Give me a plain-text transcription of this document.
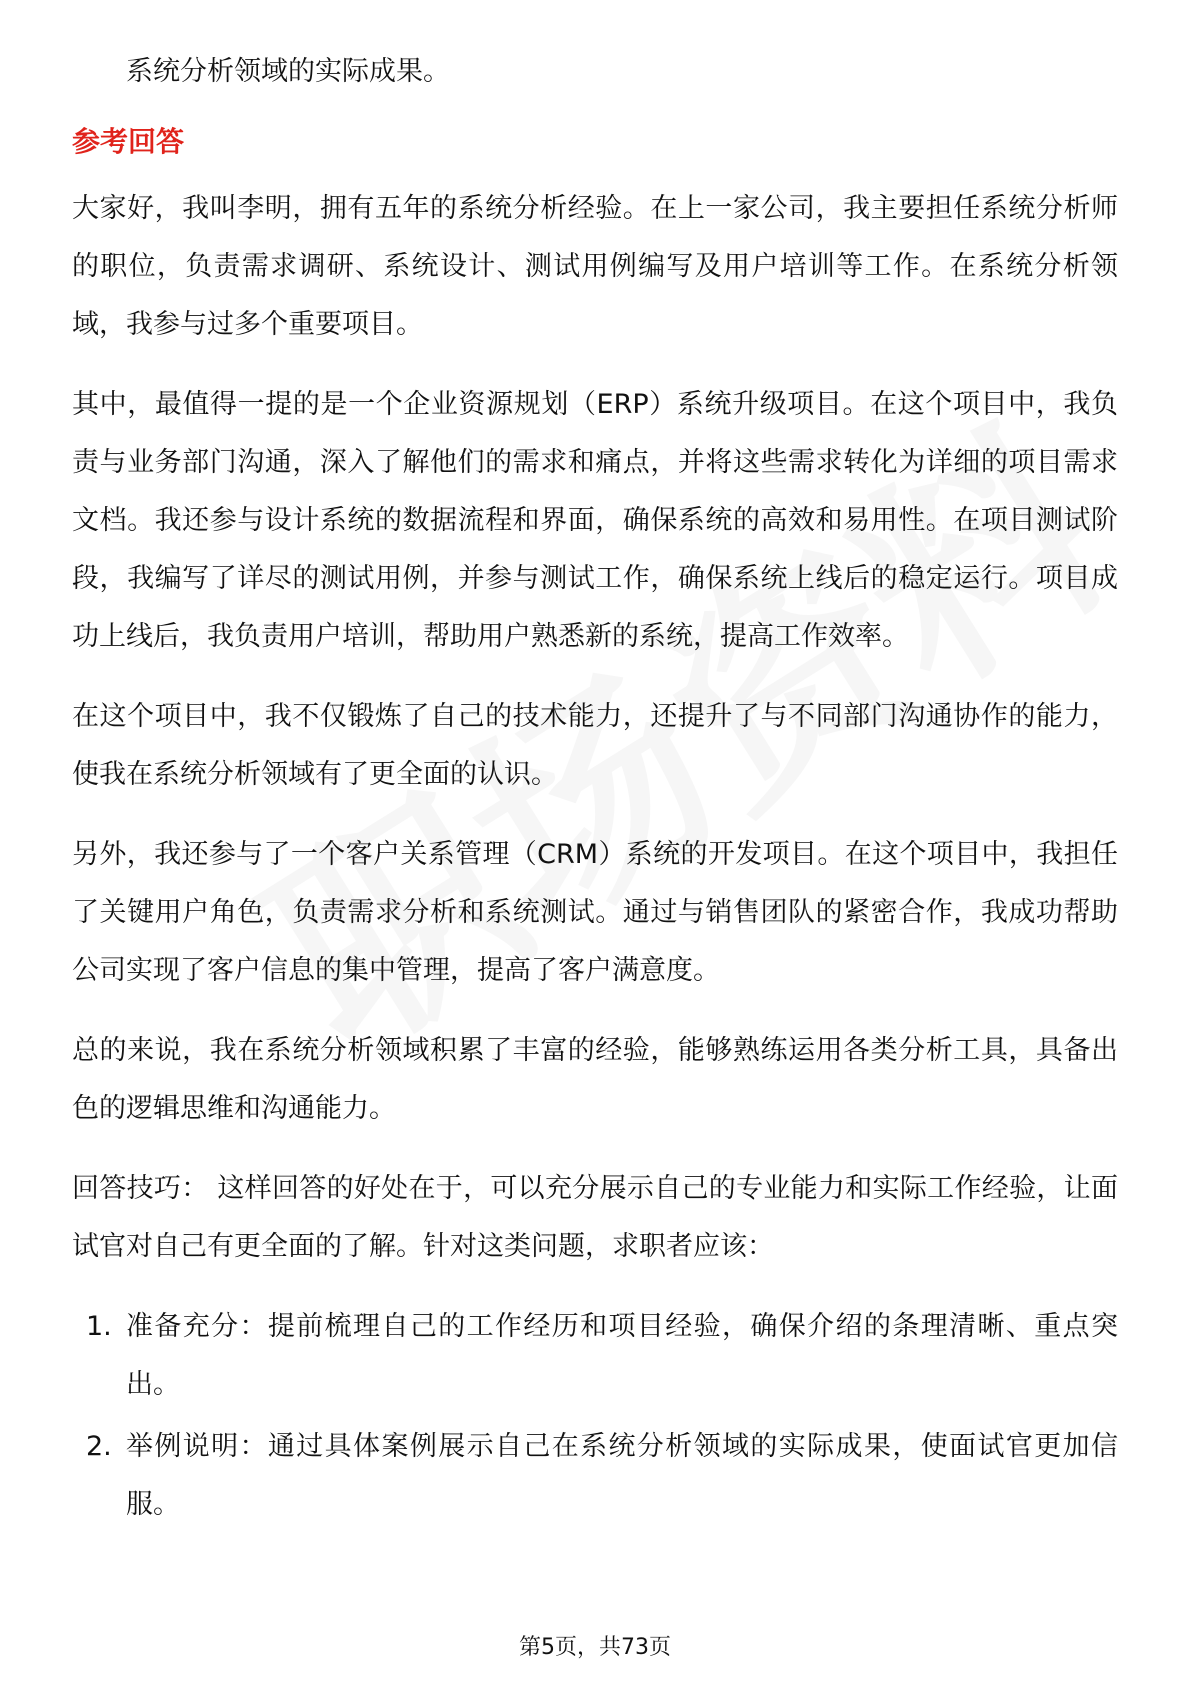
系统分析领域的实际成果。

参考回答

大家好，我叫李明，拥有五年的系统分析经验。在上一家公司，我主要担任系统分析师的职位，负责需求调研、系统设计、测试用例编写及用户培训等工作。在系统分析领域，我参与过多个重要项目。

其中，最值得一提的是一个企业资源规划（ERP）系统升级项目。在这个项目中，我负责与业务部门沟通，深入了解他们的需求和痛点，并将这些需求转化为详细的项目需求文档。我还参与设计系统的数据流程和界面，确保系统的高效和易用性。在项目测试阶段，我编写了详尽的测试用例，并参与测试工作，确保系统上线后的稳定运行。项目成功上线后，我负责用户培训，帮助用户熟悉新的系统，提高工作效率。

在这个项目中，我不仅锻炼了自己的技术能力，还提升了与不同部门沟通协作的能力，使我在系统分析领域有了更全面的认识。

另外，我还参与了一个客户关系管理（CRM）系统的开发项目。在这个项目中，我担任了关键用户角色，负责需求分析和系统测试。通过与销售团队的紧密合作，我成功帮助公司实现了客户信息的集中管理，提高了客户满意度。

总的来说，我在系统分析领域积累了丰富的经验，能够熟练运用各类分析工具，具备出色的逻辑思维和沟通能力。

回答技巧： 这样回答的好处在于，可以充分展示自己的专业能力和实际工作经验，让面试官对自己有更全面的了解。针对这类问题，求职者应该：

1. 准备充分：提前梳理自己的工作经历和项目经验，确保介绍的条理清晰、重点突出。
2. 举例说明：通过具体案例展示自己在系统分析领域的实际成果，使面试官更加信服。
第5页，共73页
